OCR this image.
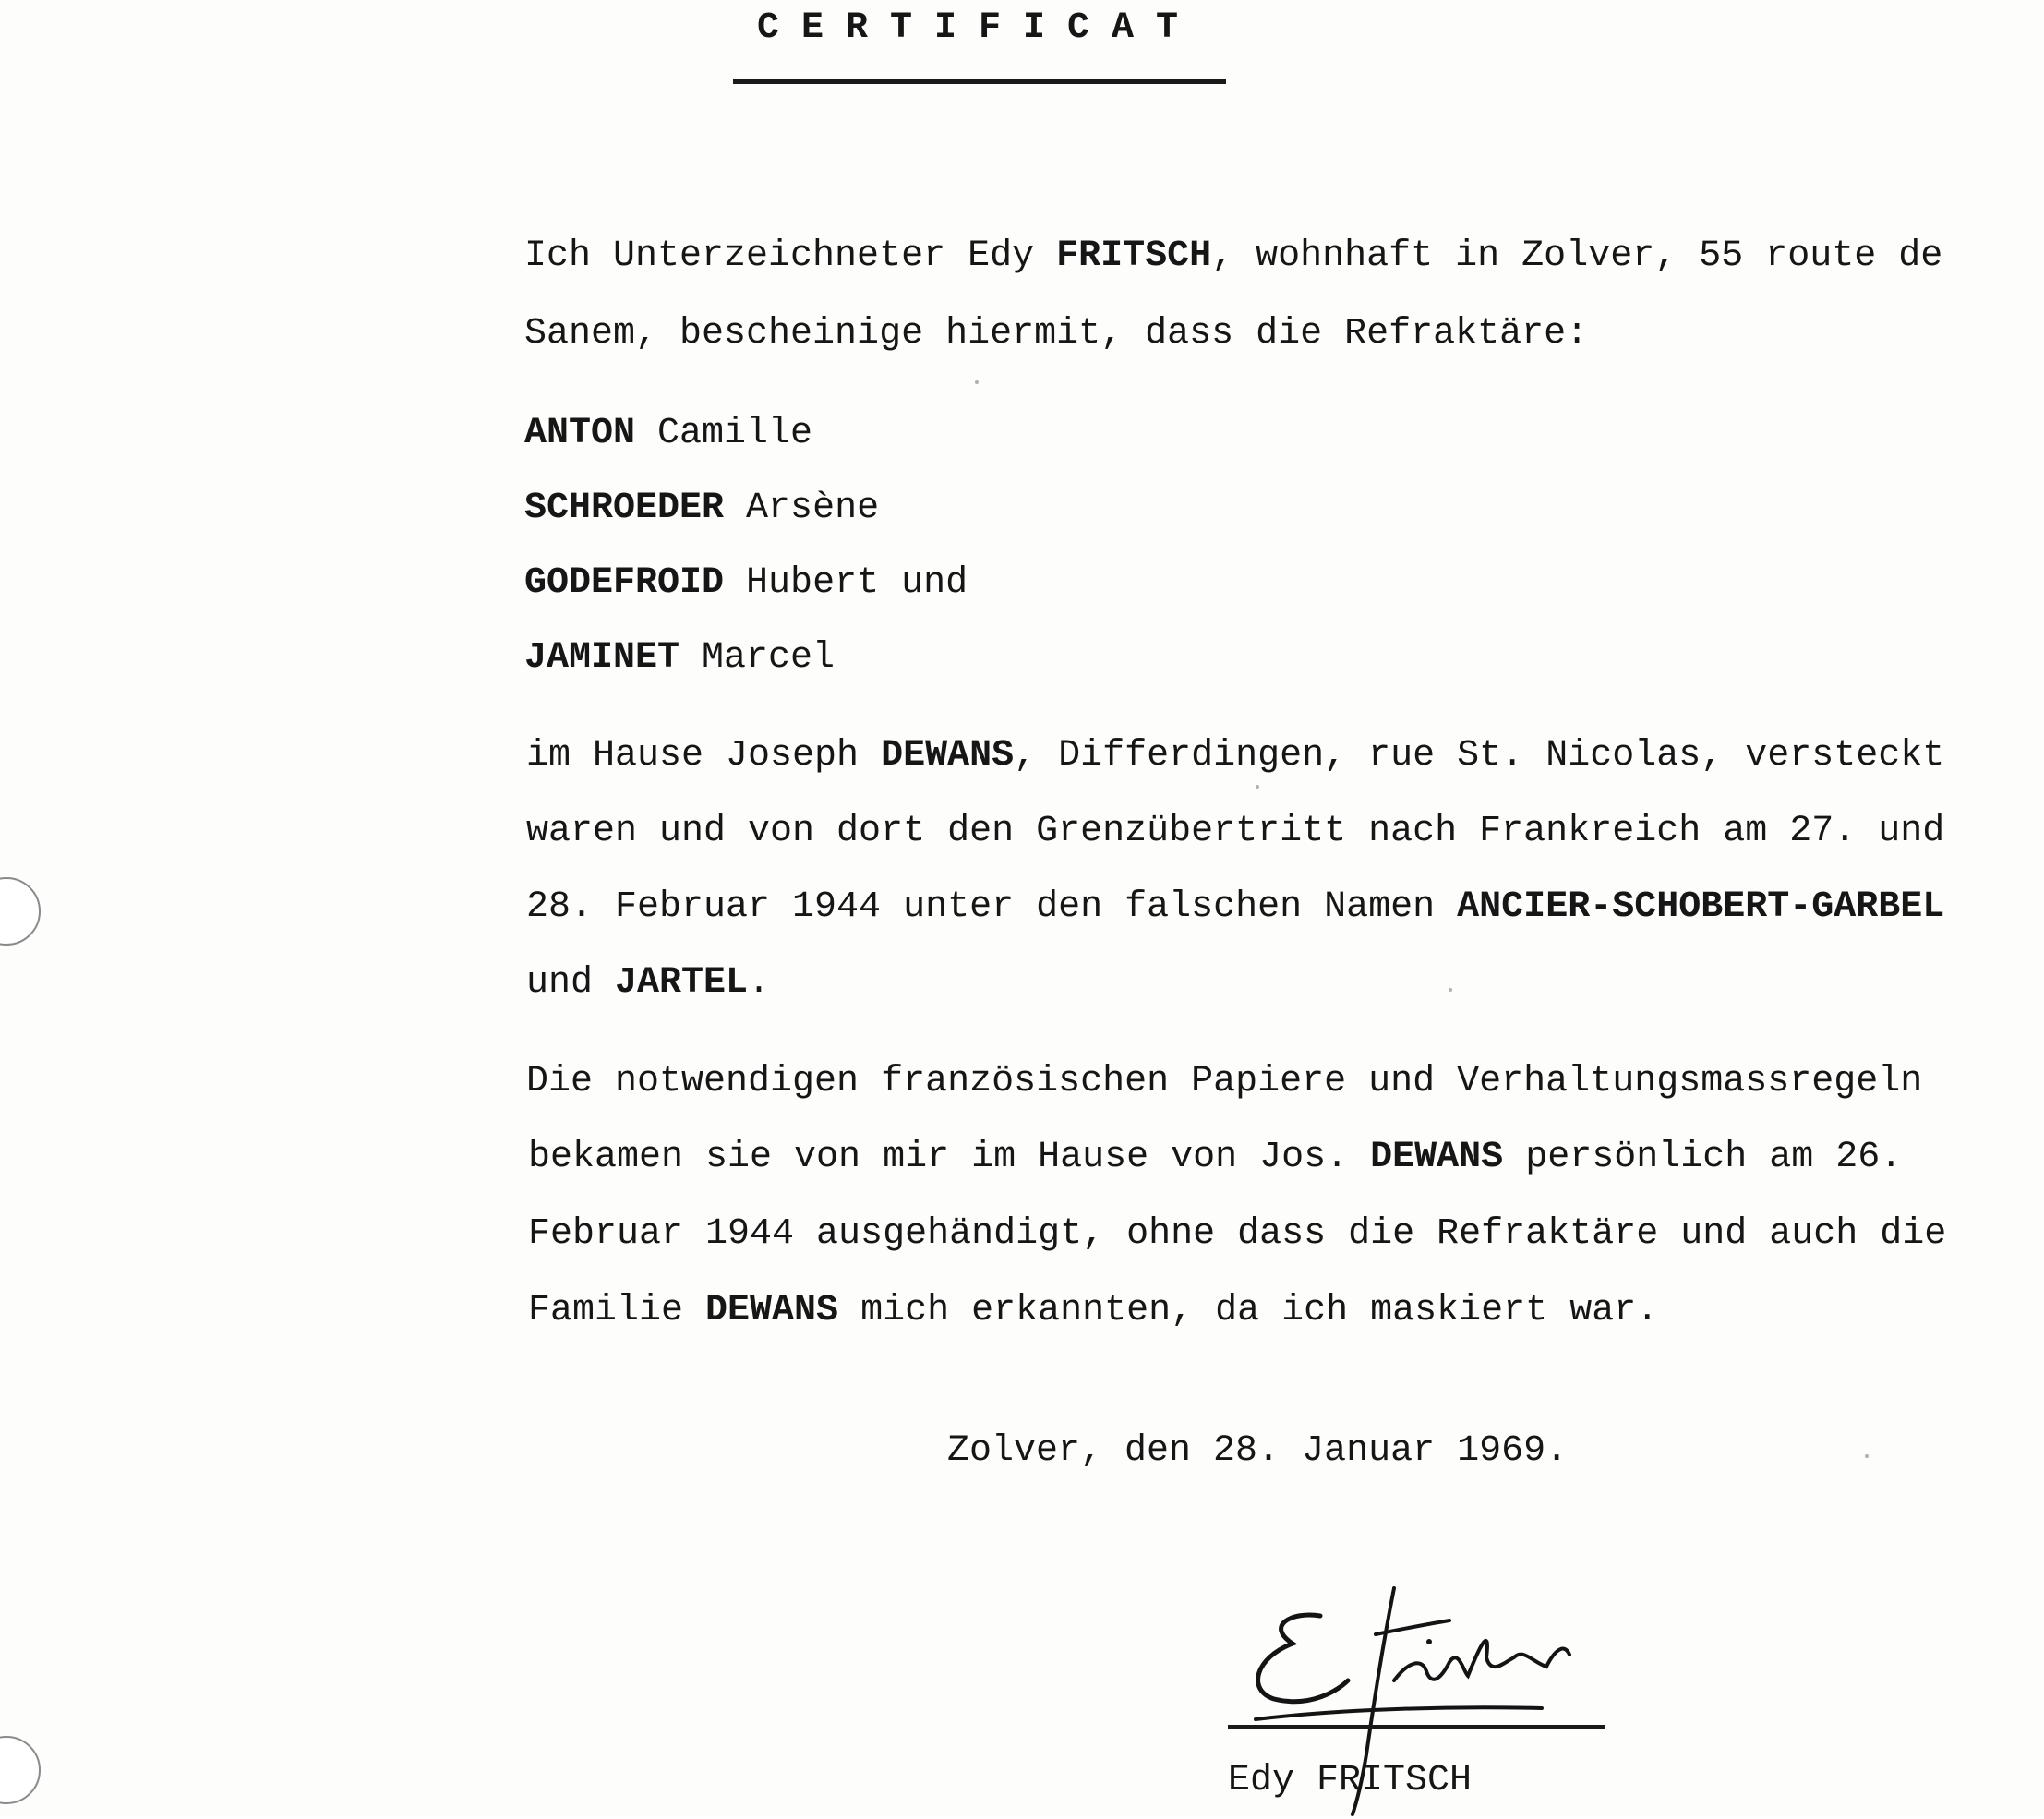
CERTIFICAT
Ich Unterzeichneter Edy FRITSCH, wohnhaft in Zolver, 55 route de
Sanem, bescheinige hiermit, dass die Refraktäre:
ANTON Camille
SCHROEDER Arsène
GODEFROID Hubert und
JAMINET Marcel
im Hause Joseph DEWANS, Differdingen, rue St. Nicolas, versteckt
waren und von dort den Grenzübertritt nach Frankreich am 27. und
28. Februar 1944 unter den falschen Namen ANCIER-SCHOBERT-GARBEL
und JARTEL.
Die notwendigen französischen Papiere und Verhaltungsmassregeln
bekamen sie von mir im Hause von Jos. DEWANS persönlich am 26.
Februar 1944 ausgehändigt, ohne dass die Refraktäre und auch die
Familie DEWANS mich erkannten, da ich maskiert war.
Zolver, den 28. Januar 1969.
Edy FRITSCH
